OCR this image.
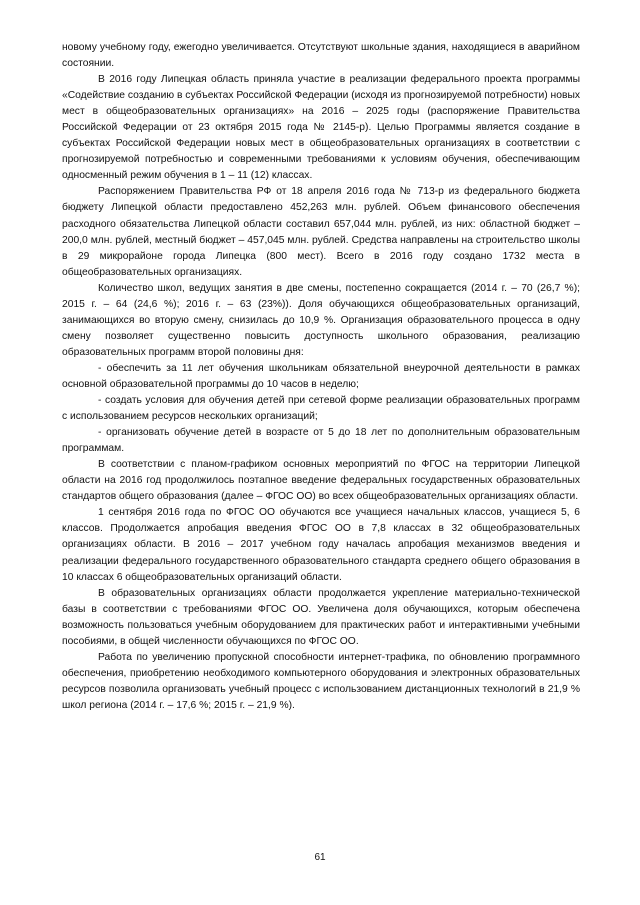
новому учебному году, ежегодно увеличивается. Отсутствуют школьные здания, находящиеся в аварийном состоянии.

В 2016 году Липецкая область приняла участие в реализации федерального проекта программы «Содействие созданию в субъектах Российской Федерации (исходя из прогнозируемой потребности) новых мест в общеобразовательных организациях» на 2016 – 2025 годы (распоряжение Правительства Российской Федерации от 23 октября 2015 года № 2145-р). Целью Программы является создание в субъектах Российской Федерации новых мест в общеобразовательных организациях в соответствии с прогнозируемой потребностью и современными требованиями к условиям обучения, обеспечивающим односменный режим обучения в 1 – 11 (12) классах.

Распоряжением Правительства РФ от 18 апреля 2016 года № 713-р из федерального бюджета бюджету Липецкой области предоставлено 452,263 млн. рублей. Объем финансового обеспечения расходного обязательства Липецкой области составил 657,044 млн. рублей, из них: областной бюджет – 200,0 млн. рублей, местный бюджет – 457,045 млн. рублей. Средства направлены на строительство школы в 29 микрорайоне города Липецка (800 мест). Всего в 2016 году создано 1732 места в общеобразовательных организациях.

Количество школ, ведущих занятия в две смены, постепенно сокращается (2014 г. – 70 (26,7 %); 2015 г. – 64 (24,6 %); 2016 г. – 63 (23%)). Доля обучающихся общеобразовательных организаций, занимающихся во вторую смену, снизилась до 10,9 %. Организация образовательного процесса в одну смену позволяет существенно повысить доступность школьного образования, реализацию образовательных программ второй половины дня:

- обеспечить за 11 лет обучения школьникам обязательной внеурочной деятельности в рамках основной образовательной программы до 10 часов в неделю;

- создать условия для обучения детей при сетевой форме реализации образовательных программ с использованием ресурсов нескольких организаций;

- организовать обучение детей в возрасте от 5 до 18 лет по дополнительным образовательным программам.

В соответствии с планом-графиком основных мероприятий по ФГОС на территории Липецкой области на 2016 год продолжилось поэтапное введение федеральных государственных образовательных стандартов общего образования (далее – ФГОС ОО) во всех общеобразовательных организациях области.

1 сентября 2016 года по ФГОС ОО обучаются все учащиеся начальных классов, учащиеся 5, 6 классов. Продолжается апробация введения ФГОС ОО в 7,8 классах в 32 общеобразовательных организациях области. В 2016 – 2017 учебном году началась апробация механизмов введения и реализации федерального государственного образовательного стандарта среднего общего образования в 10 классах 6 общеобразовательных организаций области.

В образовательных организациях области продолжается укрепление материально-технической базы в соответствии с требованиями ФГОС ОО. Увеличена доля обучающихся, которым обеспечена возможность пользоваться учебным оборудованием для практических работ и интерактивными учебными пособиями, в общей численности обучающихся по ФГОС ОО.

Работа по увеличению пропускной способности интернет-трафика, по обновлению программного обеспечения, приобретению необходимого компьютерного оборудования и электронных образовательных ресурсов позволила организовать учебный процесс с использованием дистанционных технологий в 21,9 % школ региона (2014 г. – 17,6 %; 2015 г. – 21,9 %).

61
